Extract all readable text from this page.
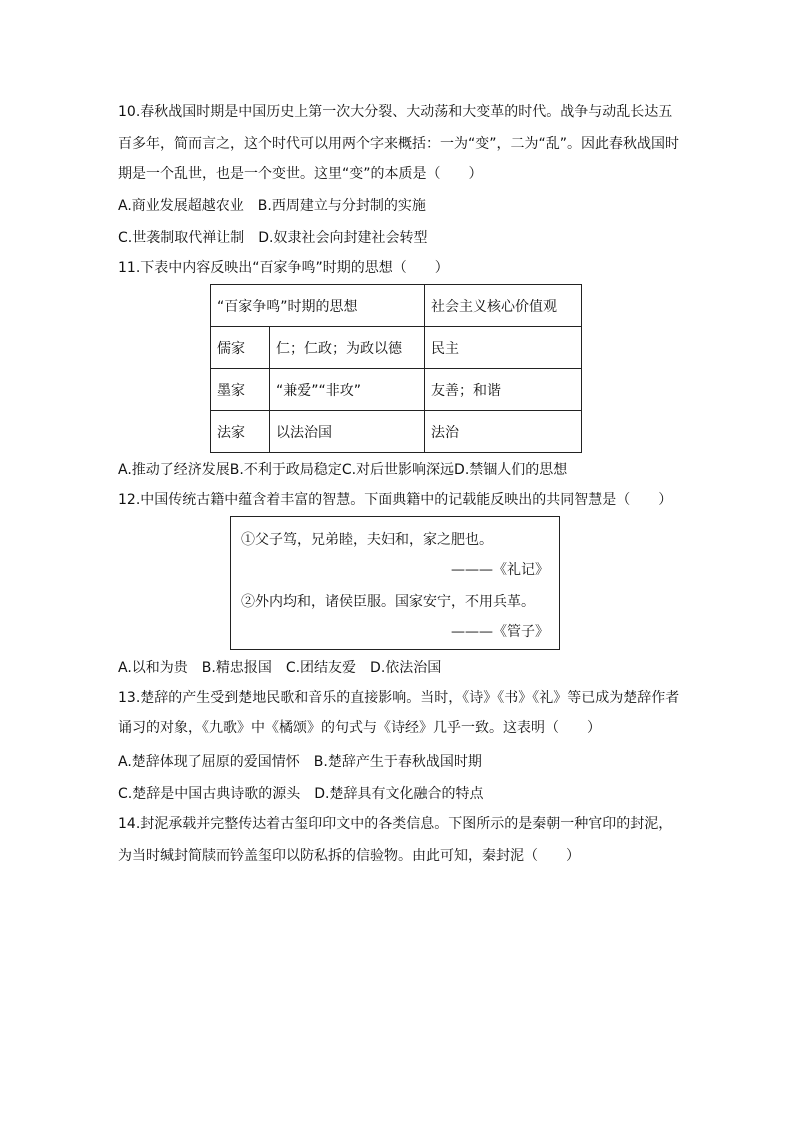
10.春秋战国时期是中国历史上第一次大分裂、大动荡和大变革的时代。战争与动乱长达五
百多年，简而言之，这个时代可以用两个字来概括：一为“变”，二为“乱”。因此春秋战国时
期是一个乱世，也是一个变世。这里“变”的本质是（　　）
A.商业发展超越农业　B.西周建立与分封制的实施
C.世袭制取代禅让制　D.奴隶社会向封建社会转型
11.下表中内容反映出“百家争鸣”时期的思想（　　）
“百家争鸣”时期的思想		社会主义核心价值观
儒家	仁；仁政；为政以德	民主
墨家	“兼爱”“非攻”	友善；和谐
法家	以法治国	法治
A.推动了经济发展B.不利于政局稳定C.对后世影响深远D.禁锢人们的思想
12.中国传统古籍中蕴含着丰富的智慧。下面典籍中的记载能反映出的共同智慧是（　　）
①父子笃，兄弟睦，夫妇和，家之肥也。
———《礼记》
②外内均和，诸侯臣服。国家安宁，不用兵革。
———《管子》
A.以和为贵　B.精忠报国　C.团结友爱　D.依法治国
13.楚辞的产生受到楚地民歌和音乐的直接影响。当时，《诗》《书》《礼》等已成为楚辞作者
诵习的对象，《九歌》中《橘颂》的句式与《诗经》几乎一致。这表明（　　）
A.楚辞体现了屈原的爱国情怀　B.楚辞产生于春秋战国时期
C.楚辞是中国古典诗歌的源头　D.楚辞具有文化融合的特点
14.封泥承载并完整传达着古玺印印文中的各类信息。下图所示的是秦朝一种官印的封泥，
为当时缄封简牍而钤盖玺印以防私拆的信验物。由此可知，秦封泥（　　）
